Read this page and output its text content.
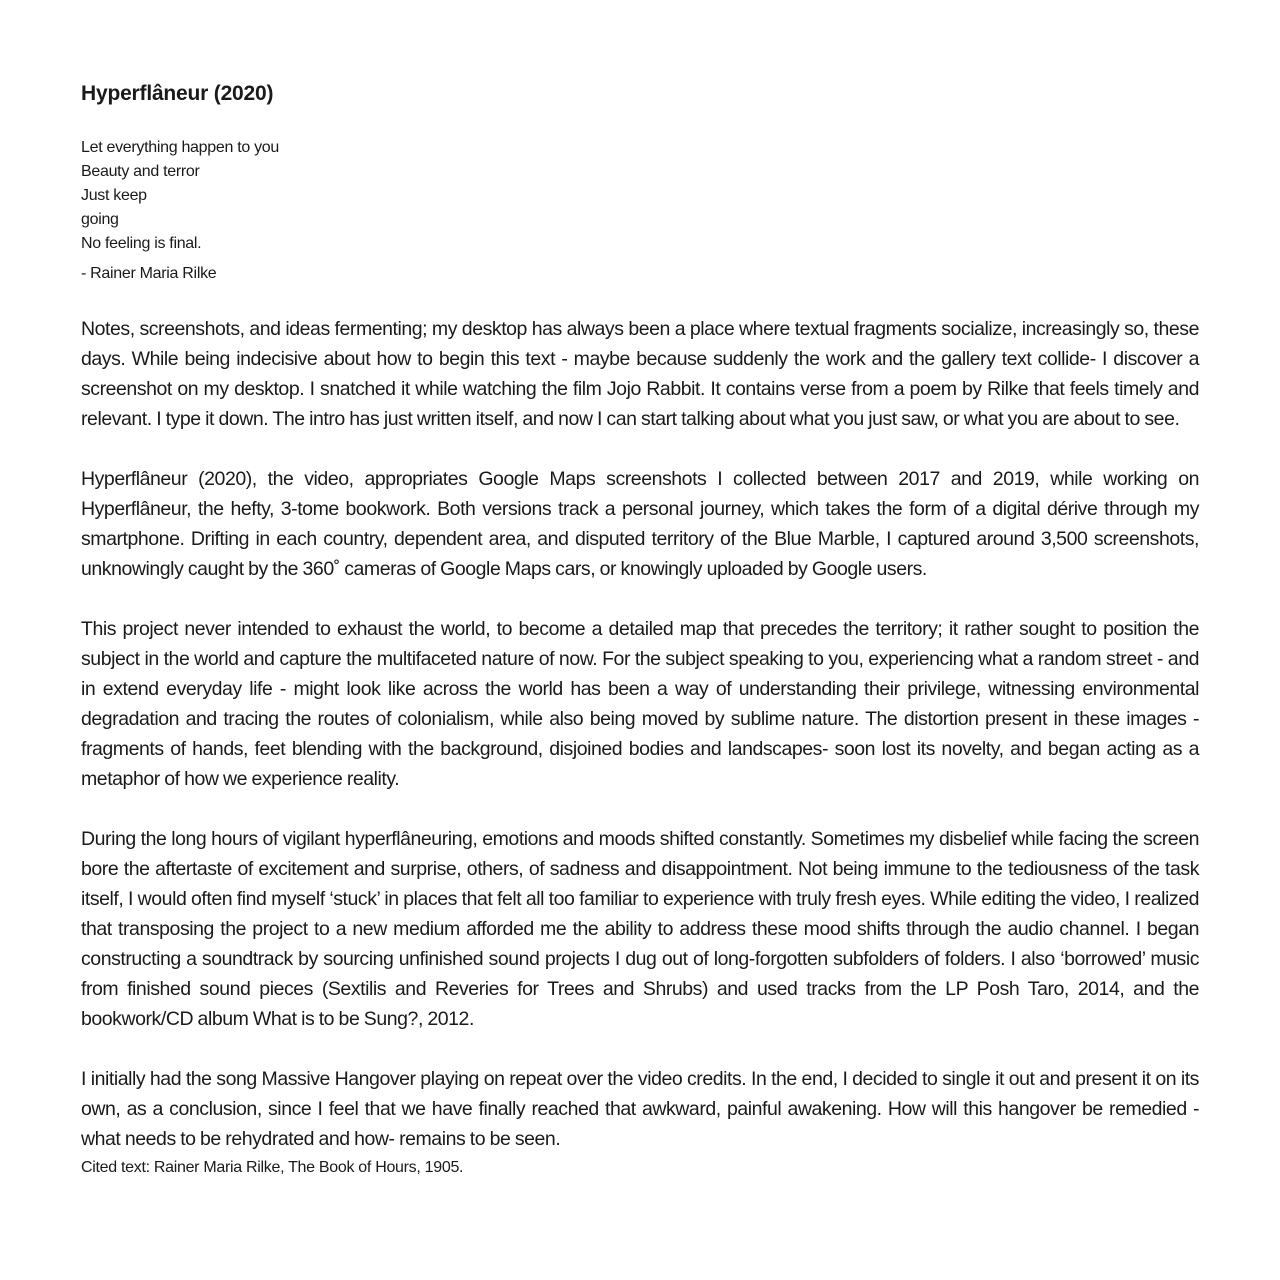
Hyperflâneur (2020)
Let everything happen to you
Beauty and terror
Just keep
going
No feeling is final.
- Rainer Maria Rilke

Notes, screenshots, and ideas fermenting; my desktop has always been a place where textual fragments socialize, increasingly so, these days. While being indecisive about how to begin this text - maybe because suddenly the work and the gallery text collide- I discover a screenshot on my desktop. I snatched it while watching the film Jojo Rabbit. It contains verse from a poem by Rilke that feels timely and relevant. I type it down. The intro has just written itself, and now I can start talking about what you just saw, or what you are about to see.

Hyperflâneur (2020), the video, appropriates Google Maps screenshots I collected between 2017 and 2019, while working on Hyperflâneur, the hefty, 3-tome bookwork. Both versions track a personal journey, which takes the form of a digital dérive through my smartphone. Drifting in each country, dependent area, and disputed territory of the Blue Marble, I captured around 3,500 screenshots, unknowingly caught by the 360˚ cameras of Google Maps cars, or knowingly uploaded by Google users.

This project never intended to exhaust the world, to become a detailed map that precedes the territory; it rather sought to position the subject in the world and capture the multifaceted nature of now. For the subject speaking to you, experiencing what a random street - and in extend everyday life - might look like across the world has been a way of understanding their privilege, witnessing environmental degradation and tracing the routes of colonialism, while also being moved by sublime nature. The distortion present in these images -fragments of hands, feet blending with the background, disjoined bodies and landscapes- soon lost its novelty, and began acting as a metaphor of how we experience reality.

During the long hours of vigilant hyperflâneuring, emotions and moods shifted constantly. Sometimes my disbelief while facing the screen bore the aftertaste of excitement and surprise, others, of sadness and disappointment. Not being immune to the tediousness of the task itself, I would often find myself ‘stuck’ in places that felt all too familiar to experience with truly fresh eyes. While editing the video, I realized that transposing the project to a new medium afforded me the ability to address these mood shifts through the audio channel. I began constructing a soundtrack by sourcing unfinished sound projects I dug out of long-forgotten subfolders of folders. I also ‘borrowed’ music from finished sound pieces (Sextilis and Reveries for Trees and Shrubs) and used tracks from the LP Posh Taro, 2014, and the bookwork/CD album What is to be Sung?, 2012.

I initially had the song Massive Hangover playing on repeat over the video credits. In the end, I decided to single it out and present it on its own, as a conclusion, since I feel that we have finally reached that awkward, painful awakening. How will this hangover be remedied -what needs to be rehydrated and how- remains to be seen.

Cited text: Rainer Maria Rilke, The Book of Hours, 1905.
